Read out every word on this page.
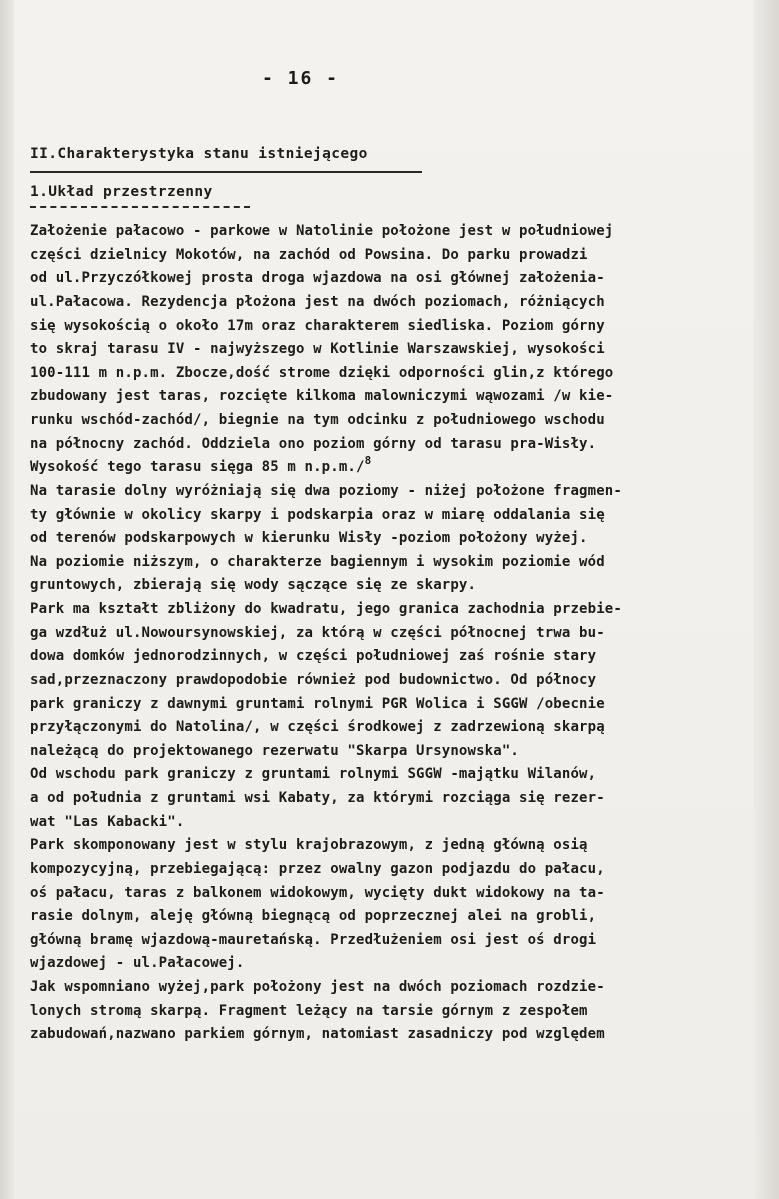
- 16 -
II.Charakterystyka stanu istniejącego
1.Układ przestrzenny
Założenie pałacowo - parkowe w Natolinie położone jest w południowej
części dzielnicy Mokotów, na zachód od Powsina. Do parku prowadzi
od ul.Przyczółkowej prosta droga wjazdowa na osi głównej założenia-
ul.Pałacowa. Rezydencja płożona jest na dwóch poziomach, różniących
się wysokością o około 17m oraz charakterem siedliska. Poziom górny
to skraj tarasu IV - najwyższego w Kotlinie Warszawskiej, wysokości
100-111 m n.p.m. Zbocze,dość strome dzięki odporności glin,z którego
zbudowany jest taras, rozcięte kilkoma malowniczymi wąwozami /w kie-
runku wschód-zachód/, biegnie na tym odcinku z południowego wschodu
na północny zachód. Oddziela ono poziom górny od tarasu pra-Wisły.
Wysokość tego tarasu sięga 85 m n.p.m./$^8$
Na tarasie dolny wyróżniają się dwa poziomy - niżej położone fragmen-
ty głównie w okolicy skarpy i podskarpia oraz w miarę oddalania się
od terenów podskarpowych w kierunku Wisły -poziom położony wyżej.
Na poziomie niższym, o charakterze bagiennym i wysokim poziomie wód
gruntowych, zbierają się wody sączące się ze skarpy.
Park ma kształt zbliżony do kwadratu, jego granica zachodnia przebie-
ga wzdłuż ul.Nowoursynowskiej, za którą w części północnej trwa bu-
dowa domków jednorodzinnych, w części południowej zaś rośnie stary
sad,przeznaczony prawdopodobie również pod budownictwo. Od północy
park graniczy z dawnymi gruntami rolnymi PGR Wolica i SGGW /obecnie
przyłączonymi do Natolina/, w części środkowej z zadrzewioną skarpą
należącą do projektowanego rezerwatu "Skarpa Ursynowska".
Od wschodu park graniczy z gruntami rolnymi SGGW -majątku Wilanów,
a od południa z gruntami wsi Kabaty, za którymi rozciąga się rezer-
wat "Las Kabacki".
Park skomponowany jest w stylu krajobrazowym, z jedną główną osią
kompozycyjną, przebiegającą: przez owalny gazon podjazdu do pałacu,
oś pałacu, taras z balkonem widokowym, wycięty dukt widokowy na ta-
rasie dolnym, aleję główną biegnącą od poprzecznej alei na grobli,
główną bramę wjazdową-mauretańską. Przedłużeniem osi jest oś drogi
wjazdowej - ul.Pałacowej.
Jak wspomniano wyżej,park położony jest na dwóch poziomach rozdzie-
lonych stromą skarpą. Fragment leżący na tarsie górnym z zespołem
zabudowań,nazwano parkiem górnym, natomiast zasadniczy pod względem
